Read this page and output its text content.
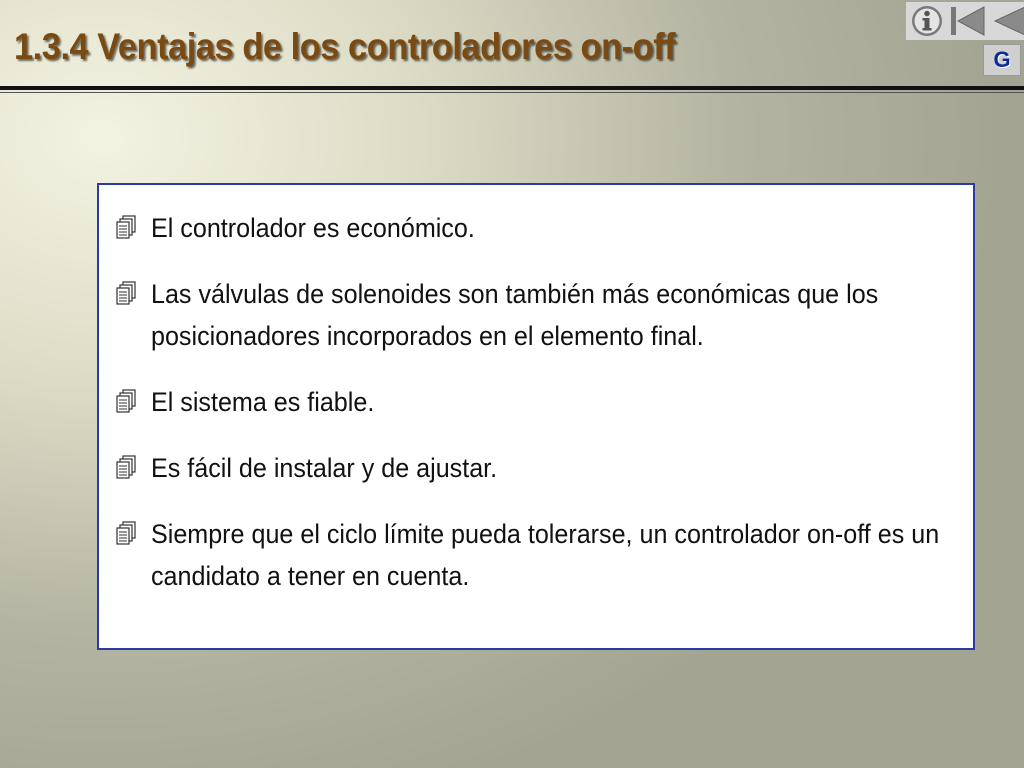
1.3.4 Ventajas de los controladores on-off	G
El controlador es económico.
Las válvulas de solenoides son también más económicas que los posicionadores incorporados en el elemento final.
El sistema es fiable.
Es fácil de instalar y de ajustar.
Siempre que el ciclo límite pueda tolerarse, un controlador on-off es un candidato a tener en cuenta.
